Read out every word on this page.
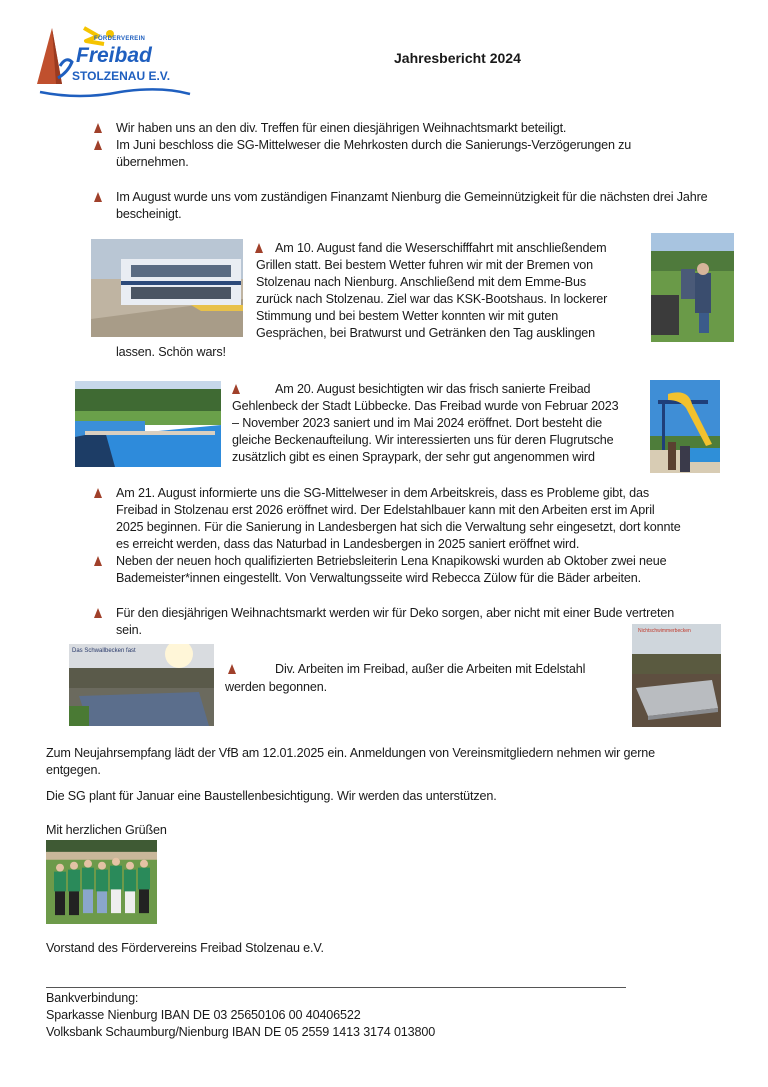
FÖRDERVEREIN
Freibad
STOLZENAU E.V.
Jahresbericht 2024
Wir haben uns an den div. Treffen für einen diesjährigen Weihnachtsmarkt beteiligt.
Im Juni beschloss die SG-Mittelweser die Mehrkosten durch die Sanierungs-Verzögerungen zu übernehmen.
Im August wurde uns vom zuständigen Finanzamt Nienburg die Gemeinnützigkeit für die nächsten drei Jahre bescheinigt.
Am 10. August fand die Weserschifffahrt mit anschließendem
Grillen statt. Bei bestem Wetter fuhren wir mit der Bremen von
Stolzenau nach Nienburg. Anschließend mit dem Emme-Bus
zurück nach Stolzenau. Ziel war das KSK-Bootshaus. In lockerer
Stimmung und bei bestem Wetter konnten wir mit guten
Gesprächen, bei Bratwurst und Getränken den Tag ausklingen
lassen. Schön wars!
Am 20. August besichtigten wir das frisch sanierte Freibad
Gehlenbeck der Stadt Lübbecke. Das Freibad wurde von Februar 2023
– November 2023 saniert und im Mai 2024 eröffnet. Dort besteht die
gleiche Beckenaufteilung. Wir interessierten uns für deren Flugrutsche
zusätzlich gibt es einen Spraypark, der sehr gut angenommen wird
Am 21. August informierte uns die SG-Mittelweser in dem Arbeitskreis, dass es Probleme gibt, das
Freibad in Stolzenau erst 2026 eröffnet wird. Der Edelstahlbauer kann mit den Arbeiten erst im April
2025 beginnen. Für die Sanierung in Landesbergen hat sich die Verwaltung sehr eingesetzt, dort konnte
es erreicht werden, dass das Naturbad in Landesbergen in 2025 saniert eröffnet wird.
Neben der neuen hoch qualifizierten Betriebsleiterin Lena Knapikowski wurden ab Oktober zwei neue
Bademeister*innen eingestellt. Von Verwaltungsseite wird Rebecca Zülow für die Bäder arbeiten.
Für den diesjährigen Weihnachtsmarkt werden wir für Deko sorgen, aber nicht mit einer Bude vertreten
sein.
Das Schwallbecken fast
Div. Arbeiten im Freibad, außer die Arbeiten mit Edelstahl
werden begonnen.
Nichtschwimmerbecken
Zum Neujahrsempfang lädt der VfB am 12.01.2025 ein. Anmeldungen von Vereinsmitgliedern nehmen wir gerne
entgegen.
Die SG plant für Januar eine Baustellenbesichtigung. Wir werden das unterstützen.
Mit herzlichen Grüßen
Vorstand des Fördervereins Freibad Stolzenau e.V.
Bankverbindung:
Sparkasse Nienburg IBAN DE 03 25650106 00 40406522
Volksbank Schaumburg/Nienburg IBAN DE 05 2559 1413 3174 013800
